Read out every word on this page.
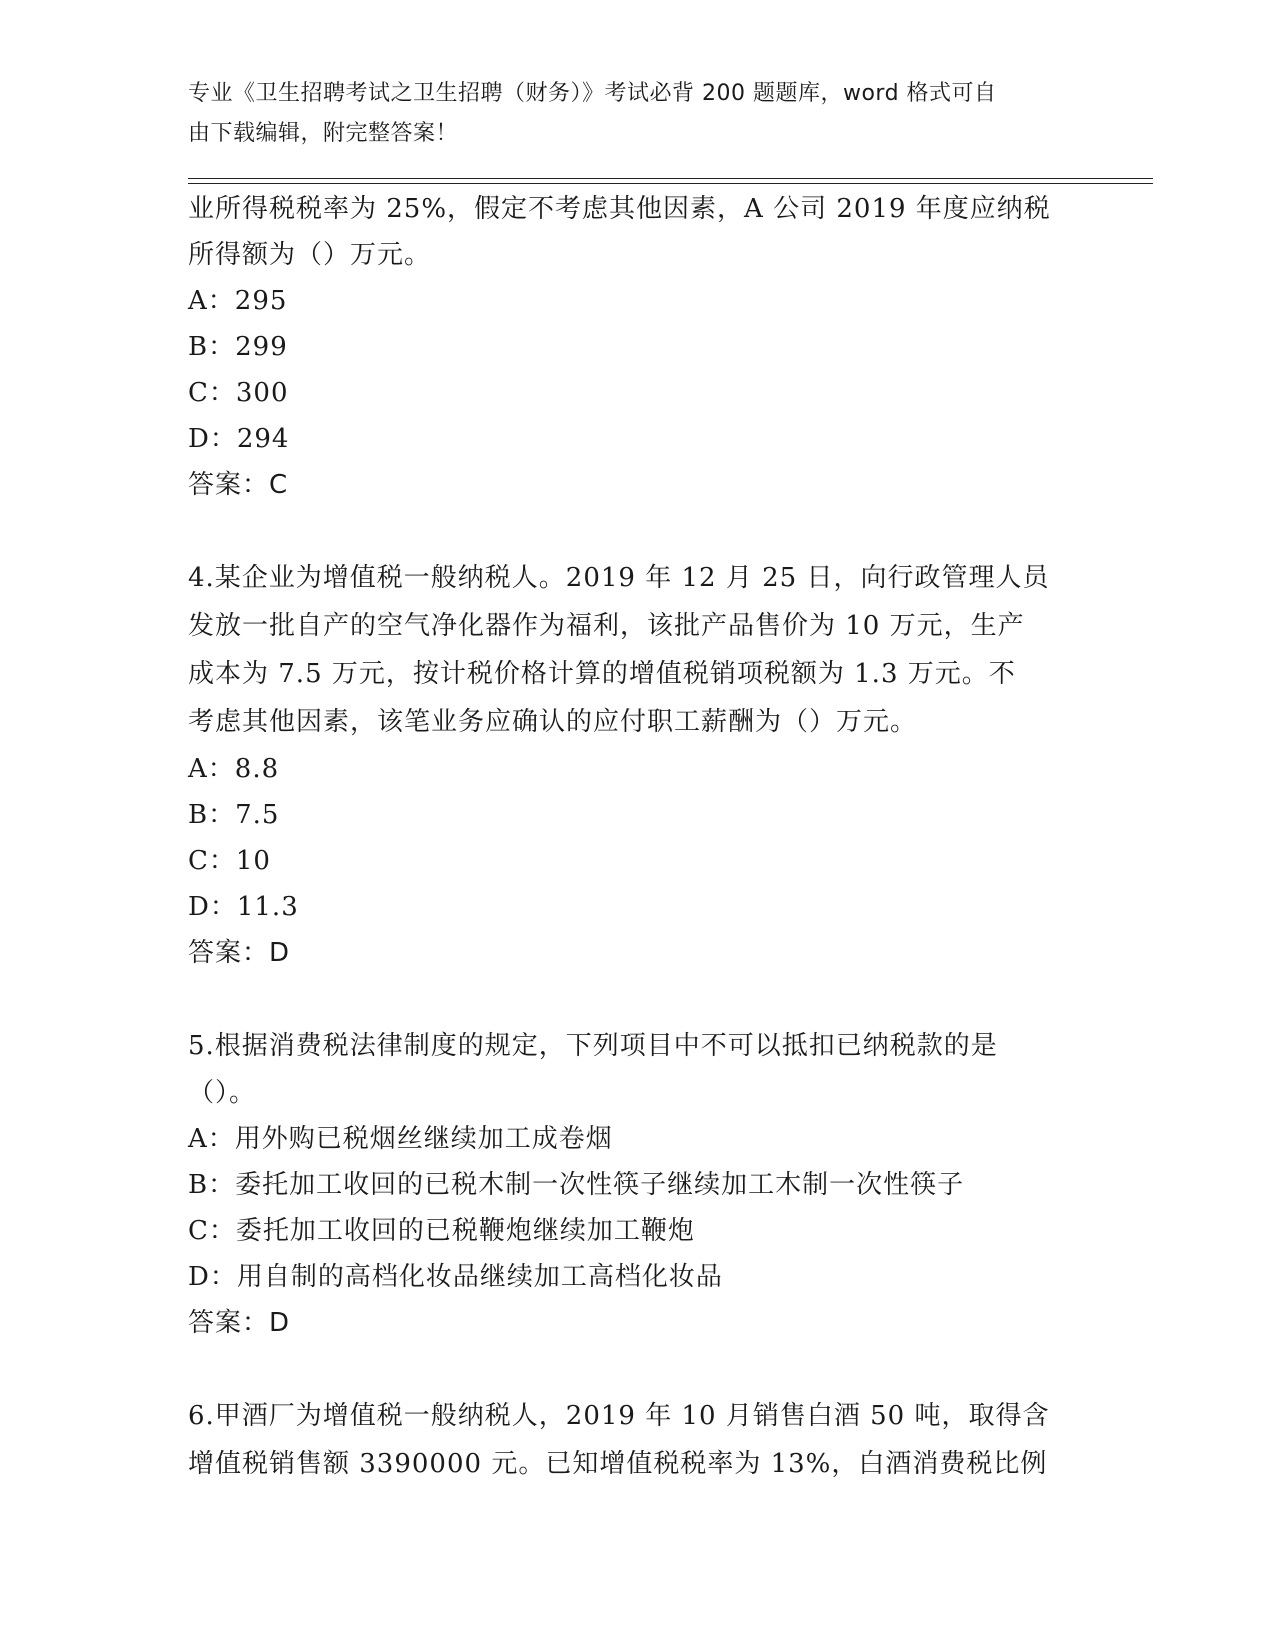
专业《卫生招聘考试之卫生招聘（财务）》考试必背 200 题题库，word 格式可自
由下载编辑，附完整答案！
业所得税税率为 25%，假定不考虑其他因素，A 公司 2019 年度应纳税
所得额为（）万元。
A：295
B：299
C：300
D：294
答案：C
4.某企业为增值税一般纳税人。2019 年 12 月 25 日，向行政管理人员
发放一批自产的空气净化器作为福利，该批产品售价为 10 万元，生产
成本为 7.5 万元，按计税价格计算的增值税销项税额为 1.3 万元。不
考虑其他因素，该笔业务应确认的应付职工薪酬为（）万元。
A：8.8
B：7.5
C：10
D：11.3
答案：D
5.根据消费税法律制度的规定，下列项目中不可以抵扣已纳税款的是
（）。
A：用外购已税烟丝继续加工成卷烟
B：委托加工收回的已税木制一次性筷子继续加工木制一次性筷子
C：委托加工收回的已税鞭炮继续加工鞭炮
D：用自制的高档化妆品继续加工高档化妆品
答案：D
6.甲酒厂为增值税一般纳税人，2019 年 10 月销售白酒 50 吨，取得含
增值税销售额 3390000 元。已知增值税税率为 13%，白酒消费税比例
